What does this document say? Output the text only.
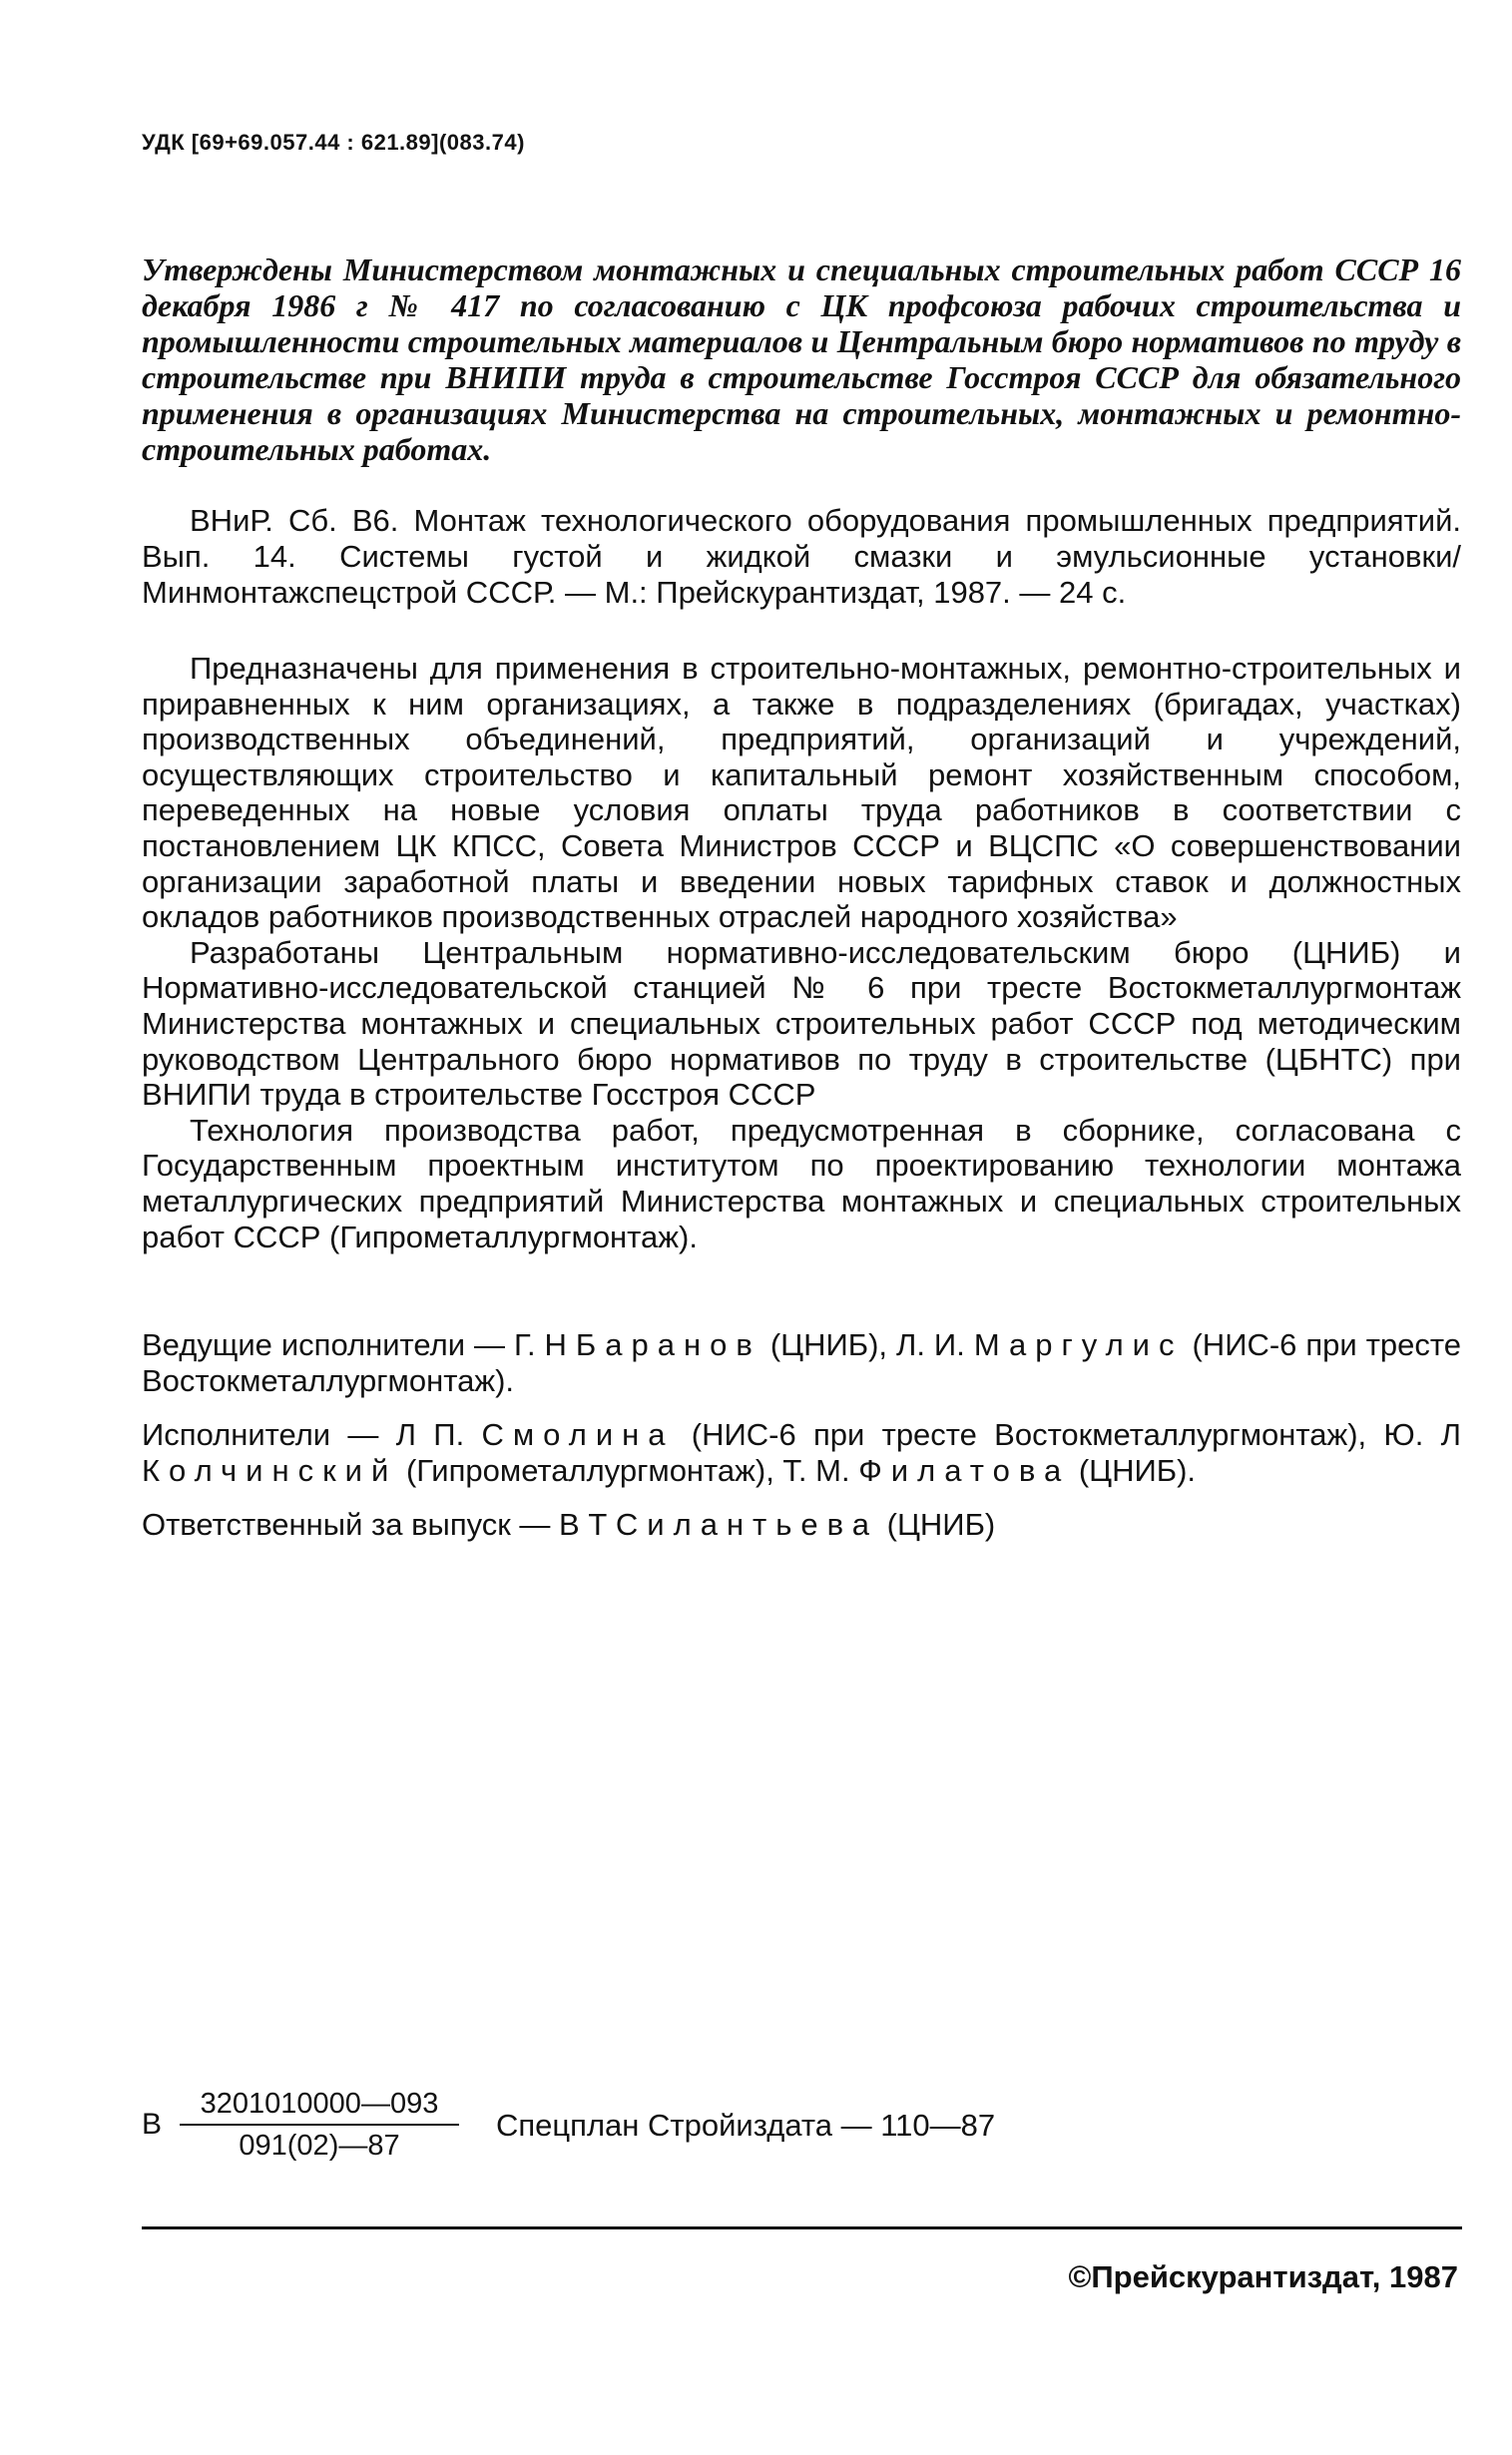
УДК [69+69.057.44 : 621.89](083.74)
Утверждены Министерством монтажных и специальных строительных работ СССР 16 декабря 1986 г № 417 по согласованию с ЦК профсоюза рабочих строительства и промышленности строительных материалов и Центральным бюро нормативов по труду в строительстве при ВНИПИ труда в строительстве Госстроя СССР для обязательного применения в организациях Министерства на строительных, монтажных и ремонтно-строительных работах.
ВНиР. Сб. В6. Монтаж технологического оборудования промышленных предприятий. Вып. 14. Системы густой и жидкой смазки и эмульсионные установки/Минмонтажспецстрой СССР. — М.: Прейскурантиздат, 1987. — 24 с.

Предназначены для применения в строительно-монтажных, ремонтно-строительных и приравненных к ним организациях, а также в подразделениях (бригадах, участках) производственных объединений, предприятий, организаций и учреждений, осуществляющих строительство и капитальный ремонт хозяйственным способом, переведенных на новые условия оплаты труда работников в соответствии с постановлением ЦК КПСС, Совета Министров СССР и ВЦСПС «О совершенствовании организации заработной платы и введении новых тарифных ставок и должностных окладов работников производственных отраслей народного хозяйства»

Разработаны Центральным нормативно-исследовательским бюро (ЦНИБ) и Нормативно-исследовательской станцией № 6 при тресте Востокметаллургмонтаж Министерства монтажных и специальных строительных работ СССР под методическим руководством Центрального бюро нормативов по труду в строительстве (ЦБНТС) при ВНИПИ труда в строительстве Госстроя СССР

Технология производства работ, предусмотренная в сборнике, согласована с Государственным проектным институтом по проектированию технологии монтажа металлургических предприятий Министерства монтажных и специальных строительных работ СССР (Гипрометаллургмонтаж).

Ведущие исполнители — Г. Н Баранов (ЦНИБ), Л. И. Маргулис (НИС-6 при тресте Востокметаллургмонтаж).

Исполнители — Л П. Смолина (НИС-6 при тресте Востокметаллургмонтаж), Ю. Л Колчинский (Гипрометаллургмонтаж), Т. М. Филатова (ЦНИБ).

Ответственный за выпуск — В Т Силантьева (ЦНИБ)

В $\frac{3201010000—093}{091(02)—87}$ Спецплан Стройиздата — 110—87
©Прейскурантиздат, 1987
